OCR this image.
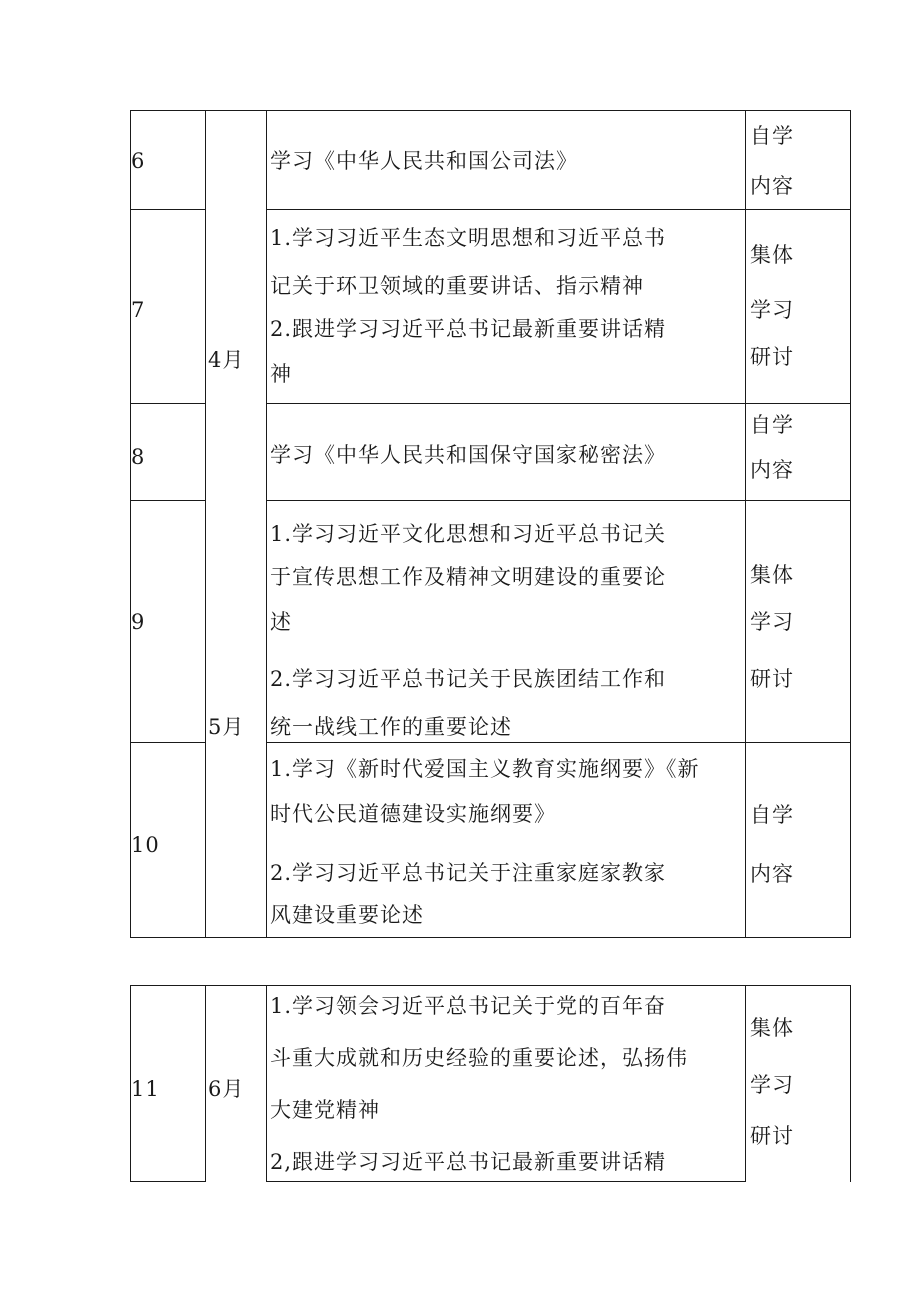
6	学习《中华人民共和国公司法》
自学
内容
7
1.学习习近平生态文明思想和习近平总书
记关于环卫领域的重要讲话、指示精神
2.跟进学习习近平总书记最新重要讲话精
神
集体
学习
研讨
4月
8	学习《中华人民共和国保守国家秘密法》
自学
内容
9
1.学习习近平文化思想和习近平总书记关
于宣传思想工作及精神文明建设的重要论
述
2.学习习近平总书记关于民族团结工作和
统一战线工作的重要论述
集体
学习
研讨
5月
10
1.学习《新时代爱国主义教育实施纲要》《新
时代公民道德建设实施纲要》
2.学习习近平总书记关于注重家庭家教家
风建设重要论述
自学
内容
11 6月
1.学习领会习近平总书记关于党的百年奋
斗重大成就和历史经验的重要论述，弘扬伟
大建党精神
2,跟进学习习近平总书记最新重要讲话精
集体
学习
研讨
